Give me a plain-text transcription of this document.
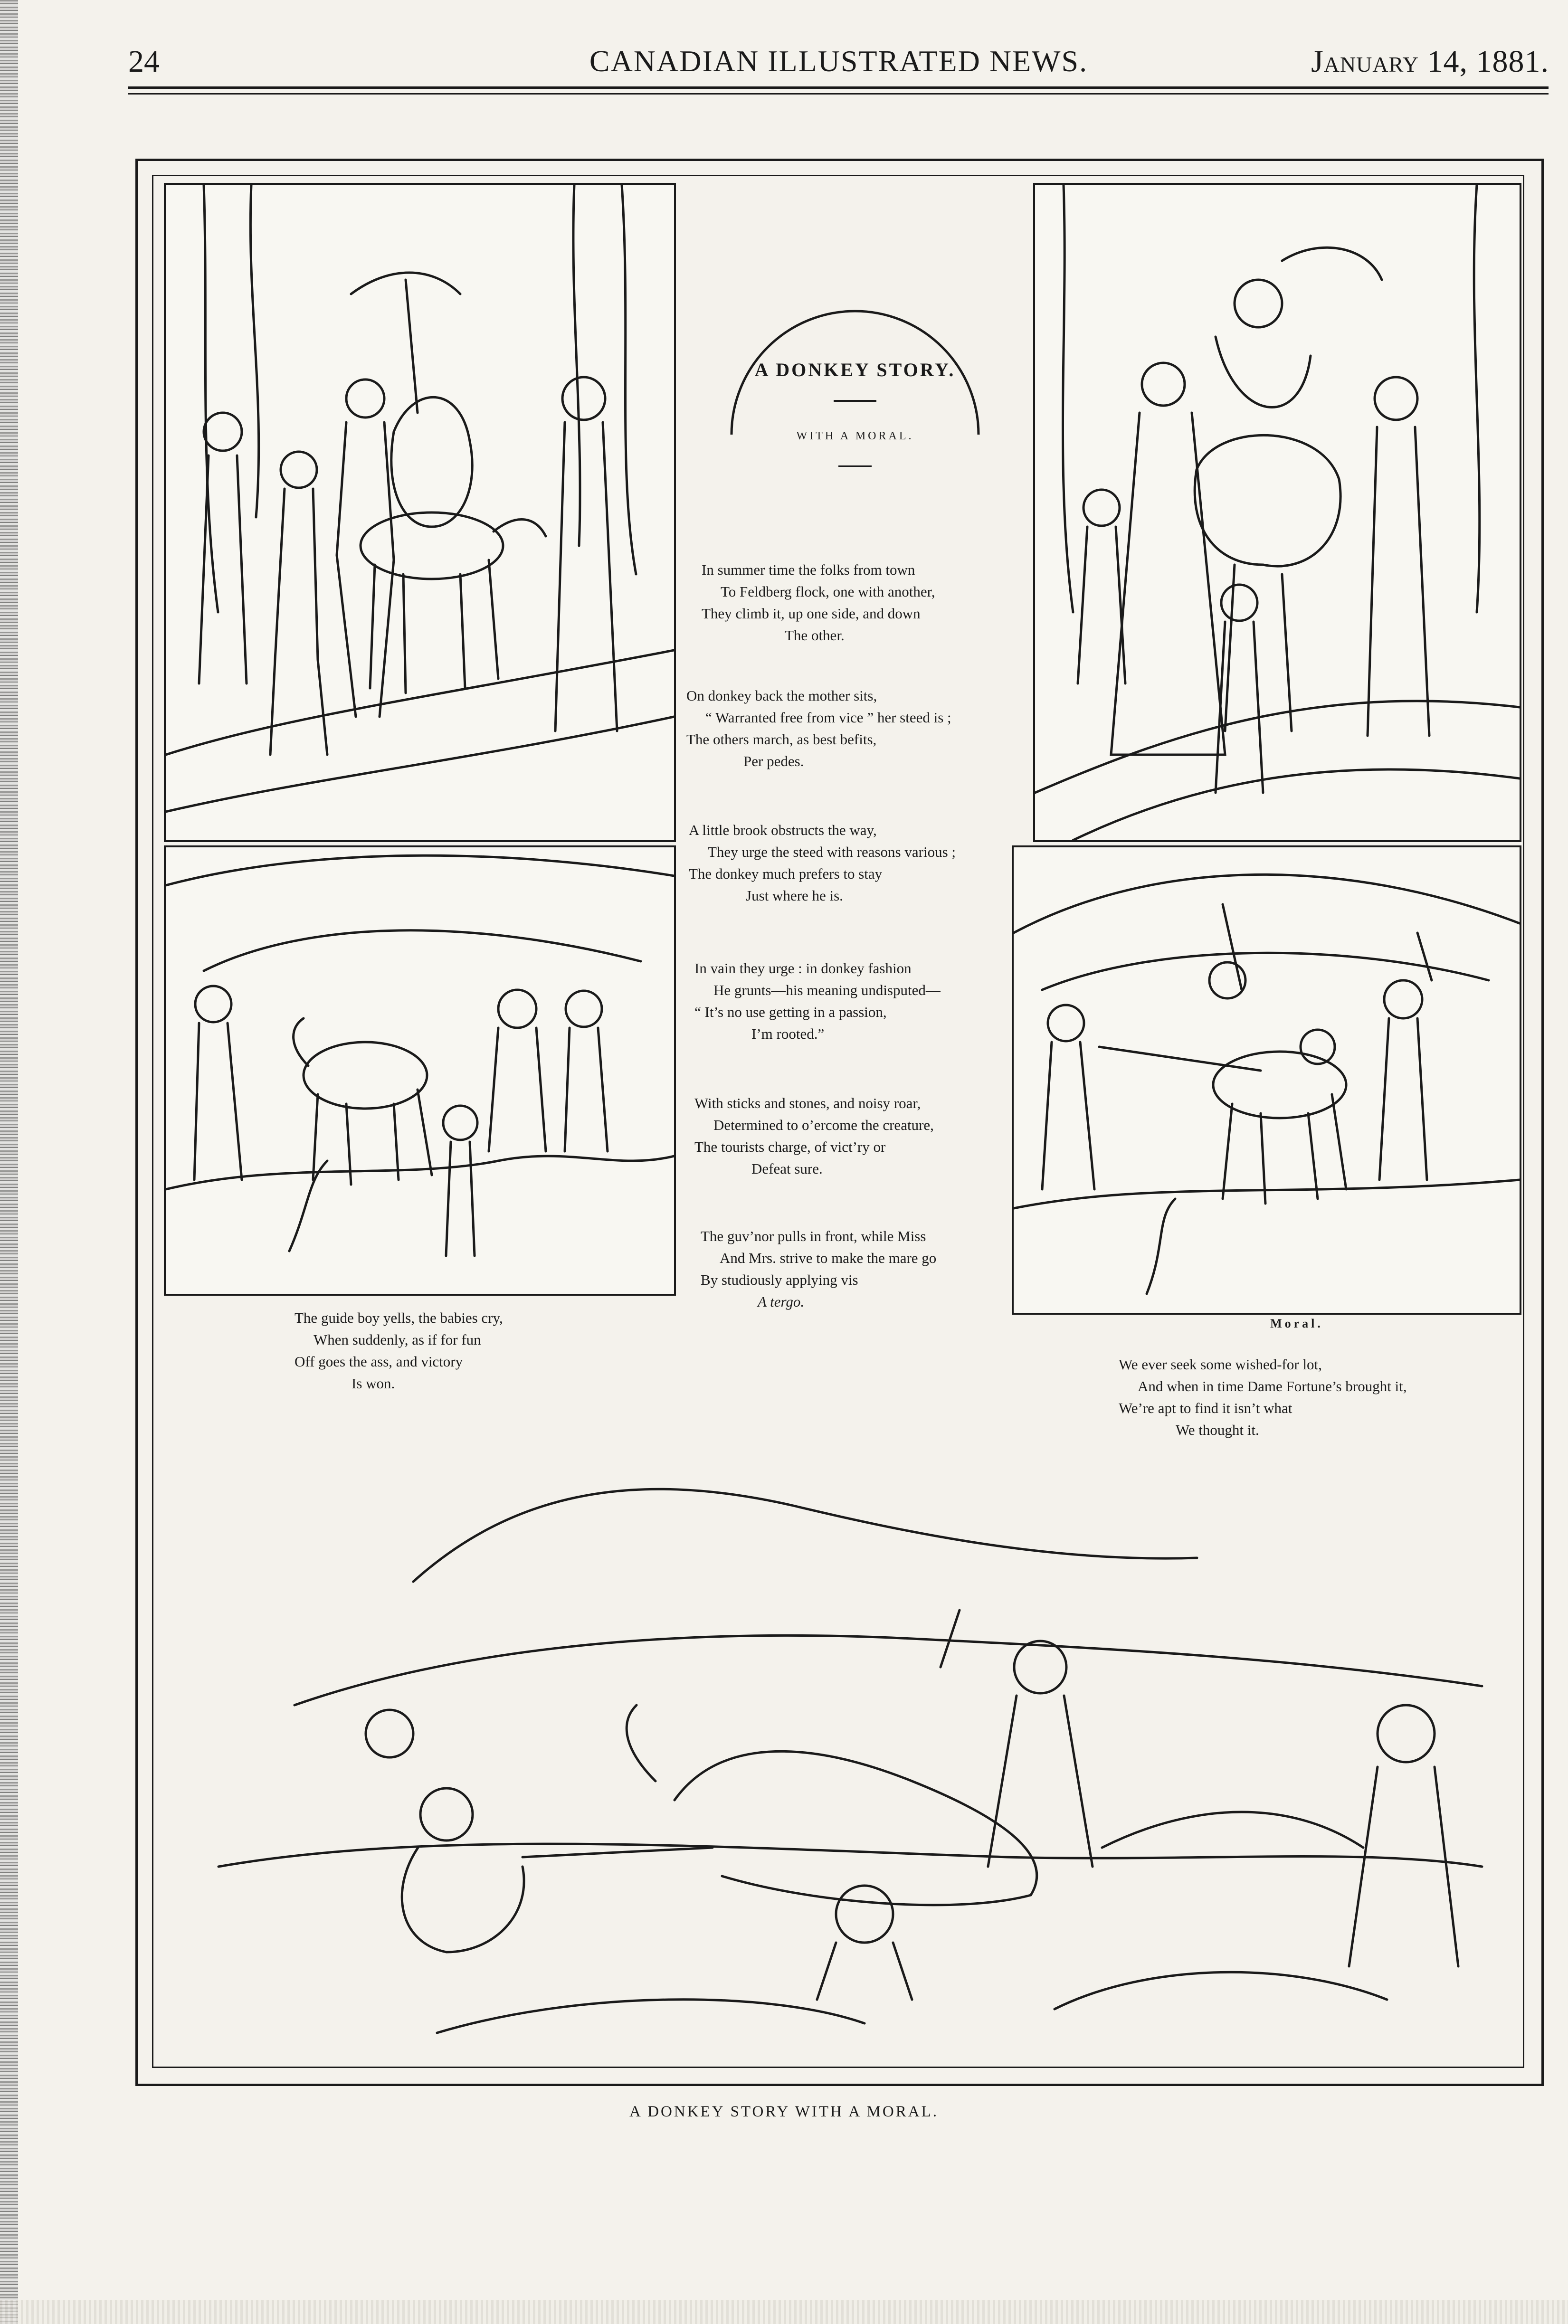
24	CANADIAN ILLUSTRATED NEWS.	January 14, 1881.
A DONKEY STORY.
WITH A MORAL.
In summer time the folks from town
To Feldberg flock, one with another,
They climb it, up one side, and down
The other.
On donkey back the mother sits,
“ Warranted free from vice ” her steed is ;
The others march, as best befits,
Per pedes.
A little brook obstructs the way,
They urge the steed with reasons various ;
The donkey much prefers to stay
Just where he is.
In vain they urge : in donkey fashion
He grunts—his meaning undisputed—
“ It’s no use getting in a passion,
I’m rooted.”
With sticks and stones, and noisy roar,
Determined to o’ercome the creature,
The tourists charge, of vict’ry or
Defeat sure.
The guv’nor pulls in front, while Miss
And Mrs. strive to make the mare go
By studiously applying vis
A tergo.
The guide boy yells, the babies cry,
When suddenly, as if for fun
Off goes the ass, and victory
Is won.
Moral.
We ever seek some wished-for lot,
And when in time Dame Fortune’s brought it,
We’re apt to find it isn’t what
We thought it.
A DONKEY STORY WITH A MORAL.
